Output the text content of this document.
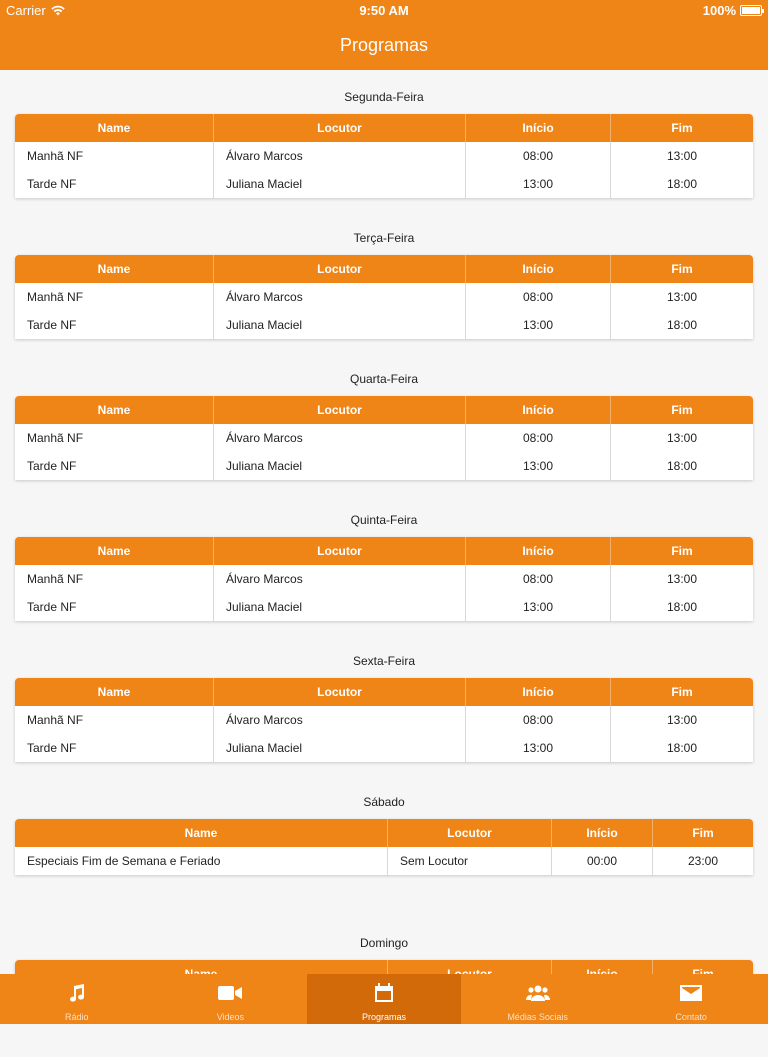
Carrier	9:50 AM	100%
Programas
Segunda-Feira
Name	Locutor	Início	Fim
Manhã NF	Álvaro Marcos	08:00	13:00
Tarde NF	Juliana Maciel	13:00	18:00
Terça-Feira
Name	Locutor	Início	Fim
Manhã NF	Álvaro Marcos	08:00	13:00
Tarde NF	Juliana Maciel	13:00	18:00
Quarta-Feira
Name	Locutor	Início	Fim
Manhã NF	Álvaro Marcos	08:00	13:00
Tarde NF	Juliana Maciel	13:00	18:00
Quinta-Feira
Name	Locutor	Início	Fim
Manhã NF	Álvaro Marcos	08:00	13:00
Tarde NF	Juliana Maciel	13:00	18:00
Sexta-Feira
Name	Locutor	Início	Fim
Manhã NF	Álvaro Marcos	08:00	13:00
Tarde NF	Juliana Maciel	13:00	18:00
Sábado
Name	Locutor	Início	Fim
Especiais Fim de Semana e Feriado	Sem Locutor	00:00	23:00
Domingo

Rádio	Videos	Programas	Médias Sociais	Contato
